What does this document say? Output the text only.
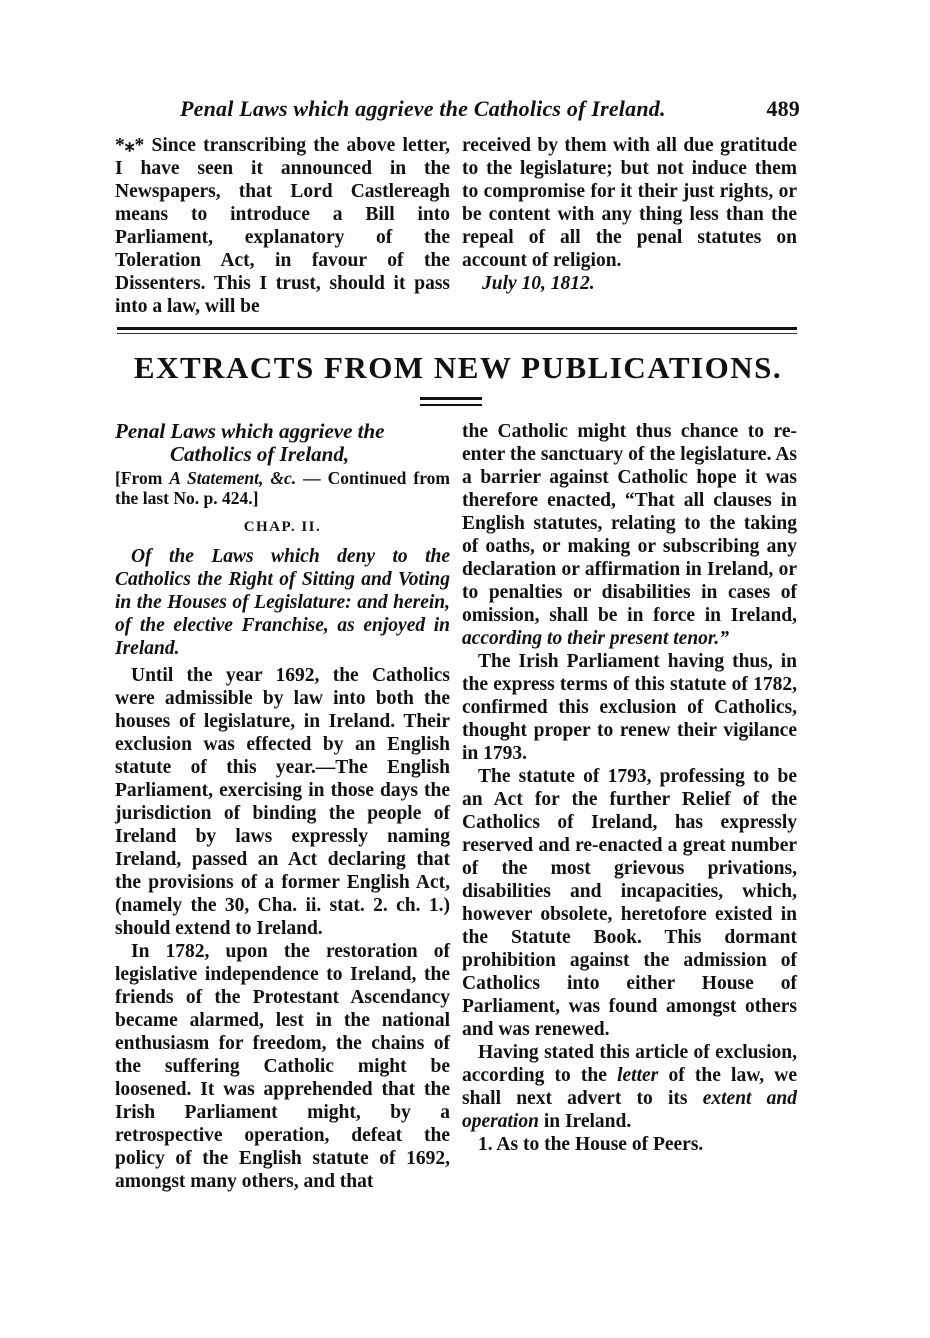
Penal Laws which aggrieve the Catholics of Ireland.	489

*⁎* Since transcribing the above letter, I have seen it announced in the Newspapers, that Lord Castlereagh means to introduce a Bill into Parliament, explanatory of the Toleration Act, in favour of the Dissenters. This I trust, should it pass into a law, will be

received by them with all due gratitude to the legislature; but not induce them to compromise for it their just rights, or be content with any thing less than the repeal of all the penal statutes on account of religion.

July 10, 1812.

EXTRACTS FROM NEW PUBLICATIONS.

Penal Laws which aggrieve the

Catholics of Ireland,

[From A Statement, &c. — Continued from the last No. p. 424.]

CHAP. II.

Of the Laws which deny to the Catholics the Right of Sitting and Voting in the Houses of Legislature: and herein, of the elective Franchise, as enjoyed in Ireland.

Until the year 1692, the Catholics were admissible by law into both the houses of legislature, in Ireland. Their exclusion was effected by an English statute of this year.—The English Parliament, exercising in those days the jurisdiction of binding the people of Ireland by laws expressly naming Ireland, passed an Act declaring that the provisions of a former English Act, (namely the 30, Cha. ii. stat. 2. ch. 1.) should extend to Ireland.

In 1782, upon the restoration of legislative independence to Ireland, the friends of the Protestant Ascendancy became alarmed, lest in the national enthusiasm for freedom, the chains of the suffering Catholic might be loosened. It was apprehended that the Irish Parliament might, by a retrospective operation, defeat the policy of the English statute of 1692, amongst many others, and that

the Catholic might thus chance to re-enter the sanctuary of the legislature. As a barrier against Catholic hope it was therefore enacted, “That all clauses in English statutes, relating to the taking of oaths, or making or subscribing any declaration or affirmation in Ireland, or to penalties or disabilities in cases of omission, shall be in force in Ireland, according to their present tenor.”

The Irish Parliament having thus, in the express terms of this statute of 1782, confirmed this exclusion of Catholics, thought proper to renew their vigilance in 1793.

The statute of 1793, professing to be an Act for the further Relief of the Catholics of Ireland, has expressly reserved and re-enacted a great number of the most grievous privations, disabilities and incapacities, which, however obsolete, heretofore existed in the Statute Book. This dormant prohibition against the admission of Catholics into either House of Parliament, was found amongst others and was renewed.

Having stated this article of exclusion, according to the letter of the law, we shall next advert to its extent and operation in Ireland.

1. As to the House of Peers.
